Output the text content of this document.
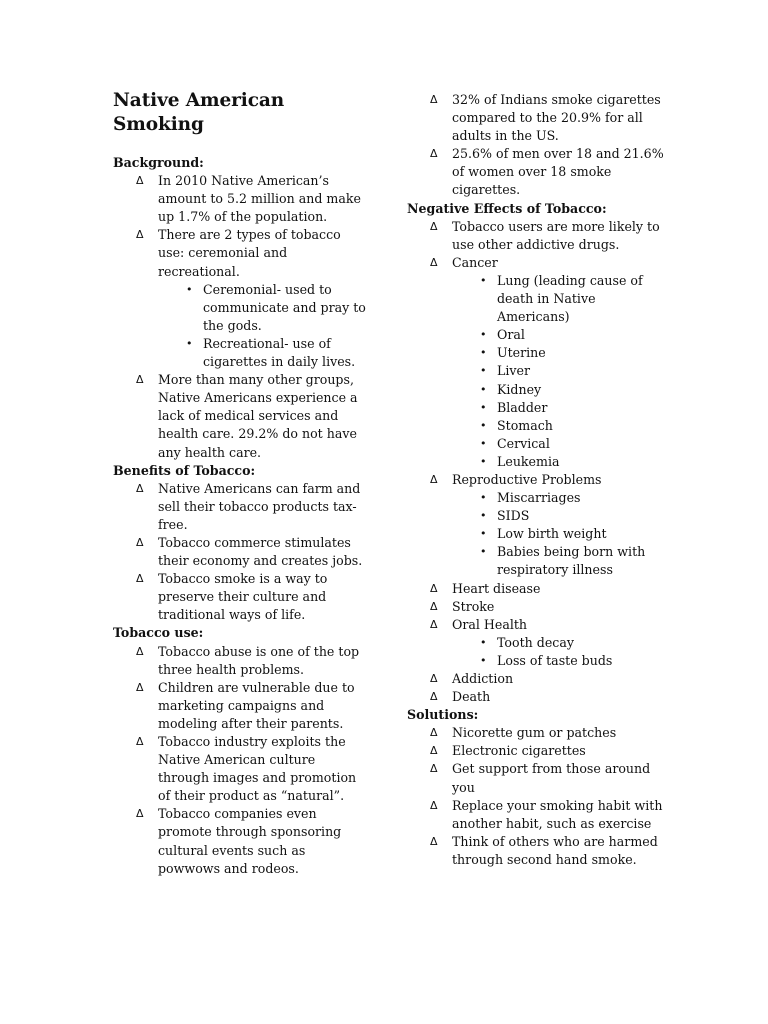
Native American Smoking

Background:

Δ In 2010 Native American’s amount to 5.2 million and make up 1.7% of the population.
Δ There are 2 types of tobacco use: ceremonial and recreational.
• Ceremonial- used to communicate and pray to the gods.
• Recreational- use of cigarettes in daily lives.
Δ More than many other groups, Native Americans experience a lack of medical services and health care. 29.2% do not have any health care.

Benefits of Tobacco:

Δ Native Americans can farm and sell their tobacco products tax-free.
Δ Tobacco commerce stimulates their economy and creates jobs.
Δ Tobacco smoke is a way to preserve their culture and traditional ways of life.

Tobacco use:

Δ Tobacco abuse is one of the top three health problems.
Δ Children are vulnerable due to marketing campaigns and modeling after their parents.
Δ Tobacco industry exploits the Native American culture through images and promotion of their product as “natural”.
Δ Tobacco companies even promote through sponsoring cultural events such as powwows and rodeos.
Δ 32% of Indians smoke cigarettes compared to the 20.9% for all adults in the US.
Δ 25.6% of men over 18 and 21.6% of women over 18 smoke cigarettes.

Negative Effects of Tobacco:

Δ Tobacco users are more likely to use other addictive drugs.
Δ Cancer
• Lung (leading cause of death in Native Americans)
• Oral
• Uterine
• Liver
• Kidney
• Bladder
• Stomach
• Cervical
• Leukemia
Δ Reproductive Problems
• Miscarriages
• SIDS
• Low birth weight
• Babies being born with respiratory illness
Δ Heart disease
Δ Stroke
Δ Oral Health
• Tooth decay
• Loss of taste buds
Δ Addiction
Δ Death

Solutions:

Δ Nicorette gum or patches
Δ Electronic cigarettes
Δ Get support from those around you
Δ Replace your smoking habit with another habit, such as exercise
Δ Think of others who are harmed through second hand smoke.
